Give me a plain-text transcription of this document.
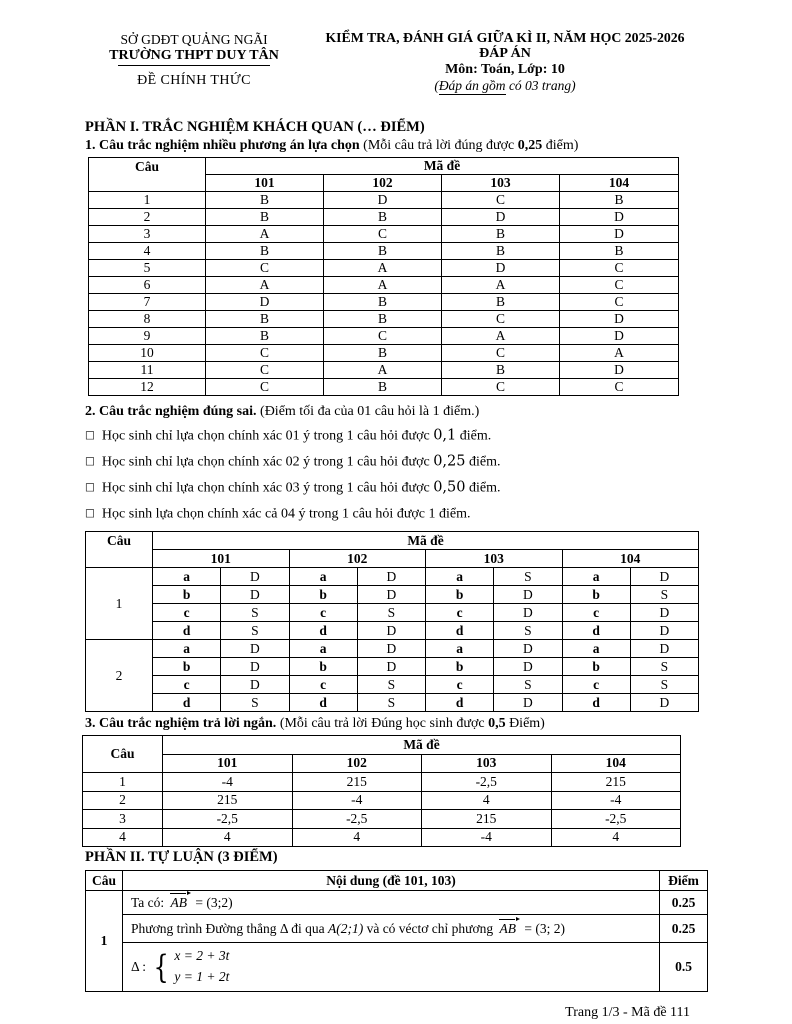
SỞ GDĐT QUẢNG NGÃI
TRƯỜNG THPT DUY TÂN
ĐỀ CHÍNH THỨC
KIỂM TRA, ĐÁNH GIÁ GIỮA KÌ II, NĂM HỌC 2025-2026
ĐÁP ÁN
Môn: Toán, Lớp: 10
(Đáp án gồm có 03 trang)
PHẦN I. TRẮC NGHIỆM KHÁCH QUAN (… ĐIỂM)
1. Câu trắc nghiệm nhiều phương án lựa chọn (Mỗi câu trả lời đúng được 0,25 điểm)
Câu	Mã đề			
	101	102	103	104
1	B	D	C	B
2	B	B	D	D
3	A	C	B	D
4	B	B	B	B
5	C	A	D	C
6	A	A	A	C
7	D	B	B	C
8	B	B	C	D
9	B	C	A	D
10	C	B	C	A
11	C	A	B	D
12	C	B	C	C
2. Câu trắc nghiệm đúng sai. (Điểm tối đa của 01 câu hỏi là 1 điểm.)
□ Học sinh chỉ lựa chọn chính xác 01 ý trong 1 câu hỏi được 0,1 điểm.
□ Học sinh chỉ lựa chọn chính xác 02 ý trong 1 câu hỏi được 0,25 điểm.
□ Học sinh chỉ lựa chọn chính xác 03 ý trong 1 câu hỏi được 0,50 điểm.
□ Học sinh lựa chọn chính xác cả 04 ý trong 1 câu hỏi được 1 điểm.
Câu	Mã đề							
	101		102		103		104	
1	a	D	a	D	a	S	a	D
	b	D	b	D	b	D	b	S
	c	S	c	S	c	D	c	D
	d	S	d	D	d	S	d	D
2	a	D	a	D	a	D	a	D
	b	D	b	D	b	D	b	S
	c	D	c	S	c	S	c	S
	d	S	d	S	d	D	d	D
3. Câu trắc nghiệm trả lời ngắn. (Mỗi câu trả lời Đúng học sinh được 0,5 Điểm)
Câu	Mã đề			
	101	102	103	104
1	-4	215	-2,5	215
2	215	-4	4	-4
3	-2,5	-2,5	215	-2,5
4	4	4	-4	4
PHẦN II. TỰ LUẬN (3 ĐIỂM)
Câu	Nội dung (đề 101, 103)	Điểm
1	Ta có: AB = (3;2)	0.25
	Phương trình Đường thẳng Δ đi qua A(2;1) và có véctơ chỉ phương AB = (3; 2)	0.25

	Δ : { x = 2 + 3t
y = 1 + 2t	0.5
Trang 1/3 - Mã đề 111
